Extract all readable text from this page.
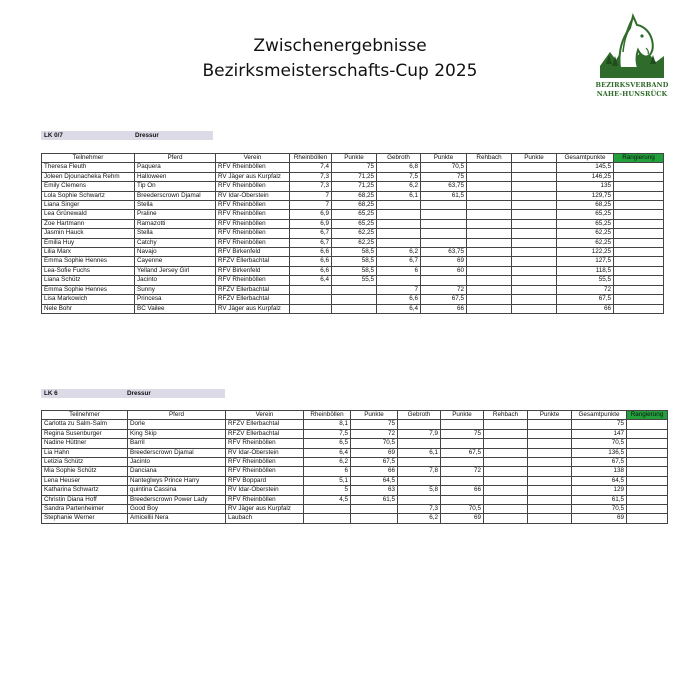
Zwischenergebnisse
Bezirksmeisterschafts-Cup 2025
BEZIRKSVERBAND
NAHE-HUNSRÜCK
LK 0/7	Dressur
Teilnehmer	Pferd	Verein	Rheinböllen	Punkte	Gebroth	Punkte	Rehbach	Punkte	Gesamtpunkte	Rangierung
Theresa Fleuth	Paquera	RFV Rheinböllen	7,4	75	6,8	70,5			145,5	
Joleen Djounacheka Rehm	Halloween	RV Jäger aus Kurpfalz	7,3	71,25	7,5	75			146,25	
Emily Clemens	Tip On	RFV Rheinböllen	7,3	71,25	6,2	63,75			135	
Lola Sophie Schwartz	Breederscrown Djamal	RV Idar-Oberstein	7	68,25	6,1	61,5			129,75	
Liana Singer	Stella	RFV Rheinböllen	7	68,25					68,25	
Lea Grünewald	Praline	RFV Rheinböllen	6,9	65,25					65,25	
Zoe Hartmann	Ramazotti	RFV Rheinböllen	6,9	65,25					65,25	
Jasmin Hauck	Stella	RFV Rheinböllen	6,7	62,25					62,25	
Emilia Huy	Catchy	RFV Rheinböllen	6,7	62,25					62,25	
Lilia Marx	Navajo	RFV Birkenfeld	6,6	58,5	6,2	63,75			122,25	
Emma Sophie Hennes	Cayenne	RFZV Ellerbachtal	6,6	58,5	6,7	69			127,5	
Lea-Sofie Fuchs	Yelland Jersey Girl	RFV Birkenfeld	6,6	58,5	6	60			118,5	
Liana Schütz	Jacinto	RFV Rheinböllen	6,4	55,5					55,5	
Emma Sophie Hennes	Sunny	RFZV Ellerbachtal			7	72			72	
Lisa Markowich	Princesa	RFZV Ellerbachtal			6,6	67,5			67,5	
Nele Bohr	BC Vailee	RV Jäger aus Kurpfalz			6,4	66			66	
LK 6	Dressur
Teilnehmer	Pferd	Verein	Rheinböllen	Punkte	Gebroth	Punkte	Rehbach	Punkte	Gesamtpunkte	Rangierung
Carlotta zu Salm-Salm	Dorle	RFZV Ellerbachtal	8,1	75					75	
Regina Susenburger	King Skip	RFZV Ellerbachtal	7,5	72	7,9	75			147	
Nadine Hüttner	Barril	RFV Rheinböllen	6,5	70,5					70,5	
Lia Hahn	Breederscrown Djamal	RV Idar-Oberstein	6,4	69	6,1	67,5			136,5	
Letizia Schütz	Jacinto	RFV Rheinböllen	6,2	67,5					67,5	
Mia Sophie Schütz	Danciana	RFV Rheinböllen	6	66	7,8	72			138	
Lena Heuser	Nanteglwys Prince Harry	RFV Boppard	5,1	64,5					64,5	
Katharina Schwartz	quintina Cassina	RV Idar-Oberstein	5	63	5,8	66			129	
Christin Diana Hoff	Breederscrown Power Lady	RFV Rheinböllen	4,5	61,5					61,5	
Sandra Partenheimer	Good Boy	RV Jäger aus Kurpfalz			7,3	70,5			70,5	
Stephanie Werner	Amicellii Nera	Laubach			6,2	69			69	
